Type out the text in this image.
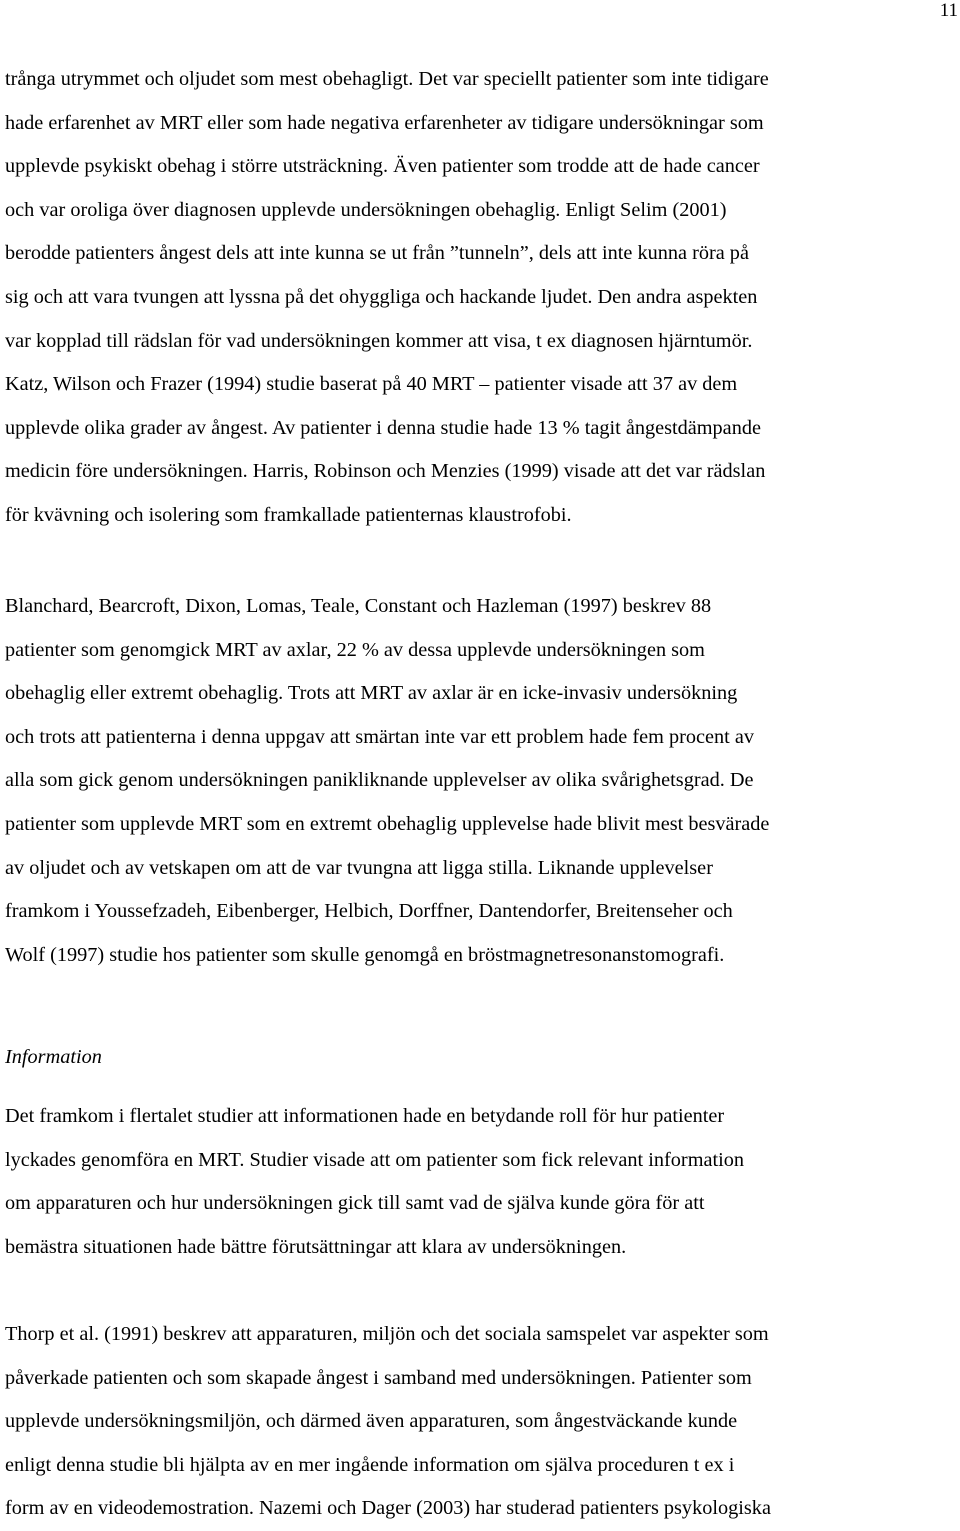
11
trånga utrymmet och oljudet som mest obehagligt. Det var speciellt patienter som inte tidigare
hade erfarenhet av MRT eller som hade negativa erfarenheter av tidigare undersökningar som
upplevde psykiskt obehag i större utsträckning. Även patienter som trodde att de hade cancer
och var oroliga över diagnosen upplevde undersökningen obehaglig. Enligt Selim (2001)
berodde patienters ångest dels att inte kunna se ut från ”tunneln”, dels att inte kunna röra på
sig och att vara tvungen att lyssna på det ohyggliga och hackande ljudet. Den andra aspekten
var kopplad till rädslan för vad undersökningen kommer att visa, t ex diagnosen hjärntumör.
Katz, Wilson och Frazer (1994) studie baserat på 40 MRT – patienter visade att 37 av dem
upplevde olika grader av ångest. Av patienter i denna studie hade 13 % tagit ångestdämpande
medicin före undersökningen. Harris, Robinson och Menzies (1999) visade att det var rädslan
för kvävning och isolering som framkallade patienternas klaustrofobi.
Blanchard, Bearcroft, Dixon, Lomas, Teale, Constant och Hazleman (1997) beskrev 88
patienter som genomgick MRT av axlar, 22 % av dessa upplevde undersökningen som
obehaglig eller extremt obehaglig. Trots att MRT av axlar är en icke-invasiv undersökning
och trots att patienterna i denna uppgav att smärtan inte var ett problem hade fem procent av
alla som gick genom undersökningen panikliknande upplevelser av olika svårighetsgrad. De
patienter som upplevde MRT som en extremt obehaglig upplevelse hade blivit mest besvärade
av oljudet och av vetskapen om att de var tvungna att ligga stilla. Liknande upplevelser
framkom i Youssefzadeh, Eibenberger, Helbich, Dorffner, Dantendorfer, Breitenseher och
Wolf (1997) studie hos patienter som skulle genomgå en bröstmagnetresonanstomografi.
Information
Det framkom i flertalet studier att informationen hade en betydande roll för hur patienter
lyckades genomföra en MRT. Studier visade att om patienter som fick relevant information
om apparaturen och hur undersökningen gick till samt vad de själva kunde göra för att
bemästra situationen hade bättre förutsättningar att klara av undersökningen.
Thorp et al. (1991) beskrev att apparaturen, miljön och det sociala samspelet var aspekter som
påverkade patienten och som skapade ångest i samband med undersökningen. Patienter som
upplevde undersökningsmiljön, och därmed även apparaturen, som ångestväckande kunde
enligt denna studie bli hjälpta av en mer ingående information om själva proceduren t ex i
form av en videodemostration. Nazemi och Dager (2003) har studerad patienters psykologiska
